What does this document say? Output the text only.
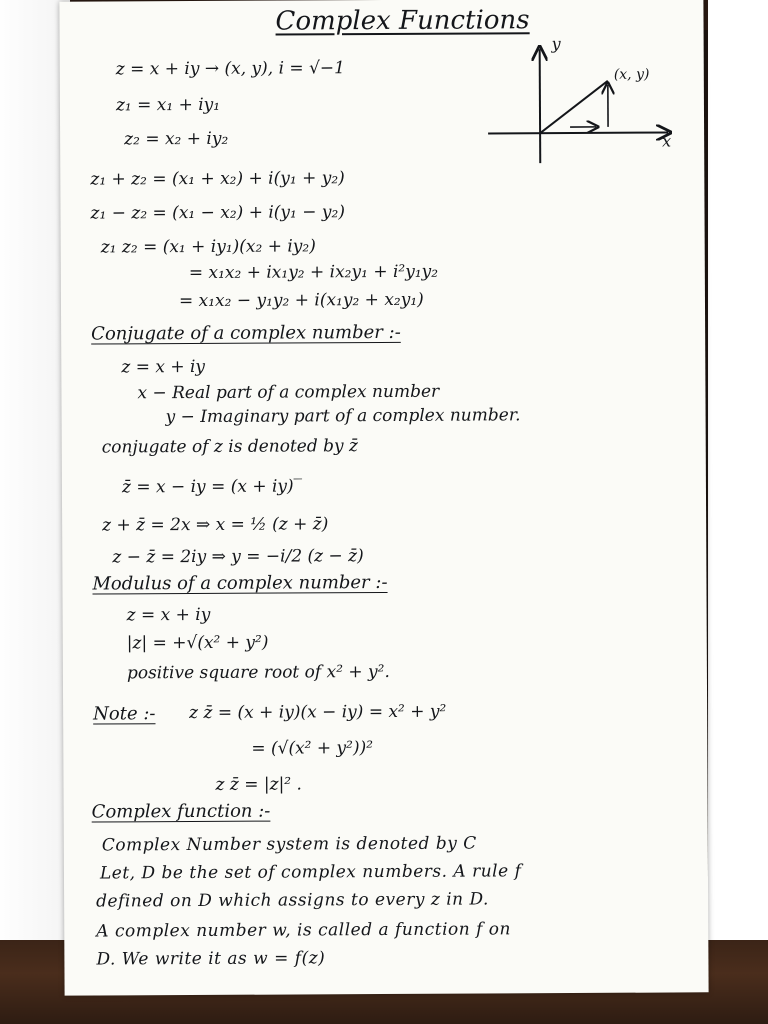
Complex Functions
y
x
(x, y)
z = x + iy → (x, y), i = √−1
z₁ = x₁ + iy₁
z₂ = x₂ + iy₂
z₁ + z₂ = (x₁ + x₂) + i(y₁ + y₂)
z₁ − z₂ = (x₁ − x₂) + i(y₁ − y₂)
z₁ z₂ = (x₁ + iy₁)(x₂ + iy₂)
= x₁x₂ + ix₁y₂ + ix₂y₁ + i²y₁y₂
= x₁x₂ − y₁y₂ + i(x₁y₂ + x₂y₁)
Conjugate of a complex number :-
z = x + iy
x − Real part of a complex number
y − Imaginary part of a complex number.
conjugate of z is denoted by z̄
z̄ = x − iy = (x + iy)‾
z + z̄ = 2x ⇒ x = ½ (z + z̄)
z − z̄ = 2iy ⇒ y = −i/2 (z − z̄)
Modulus of a complex number :-
z = x + iy
|z| = +√(x² + y²)
positive square root of x² + y².
Note :- z z̄ = (x + iy)(x − iy) = x² + y²
= (√(x² + y²))²
z z̄ = |z|² .
Complex function :-
Complex Number system is denoted by C
Let, D be the set of complex numbers. A rule f
defined on D which assigns to every z in D.
A complex number w, is called a function f on
D. We write it as w = f(z)
